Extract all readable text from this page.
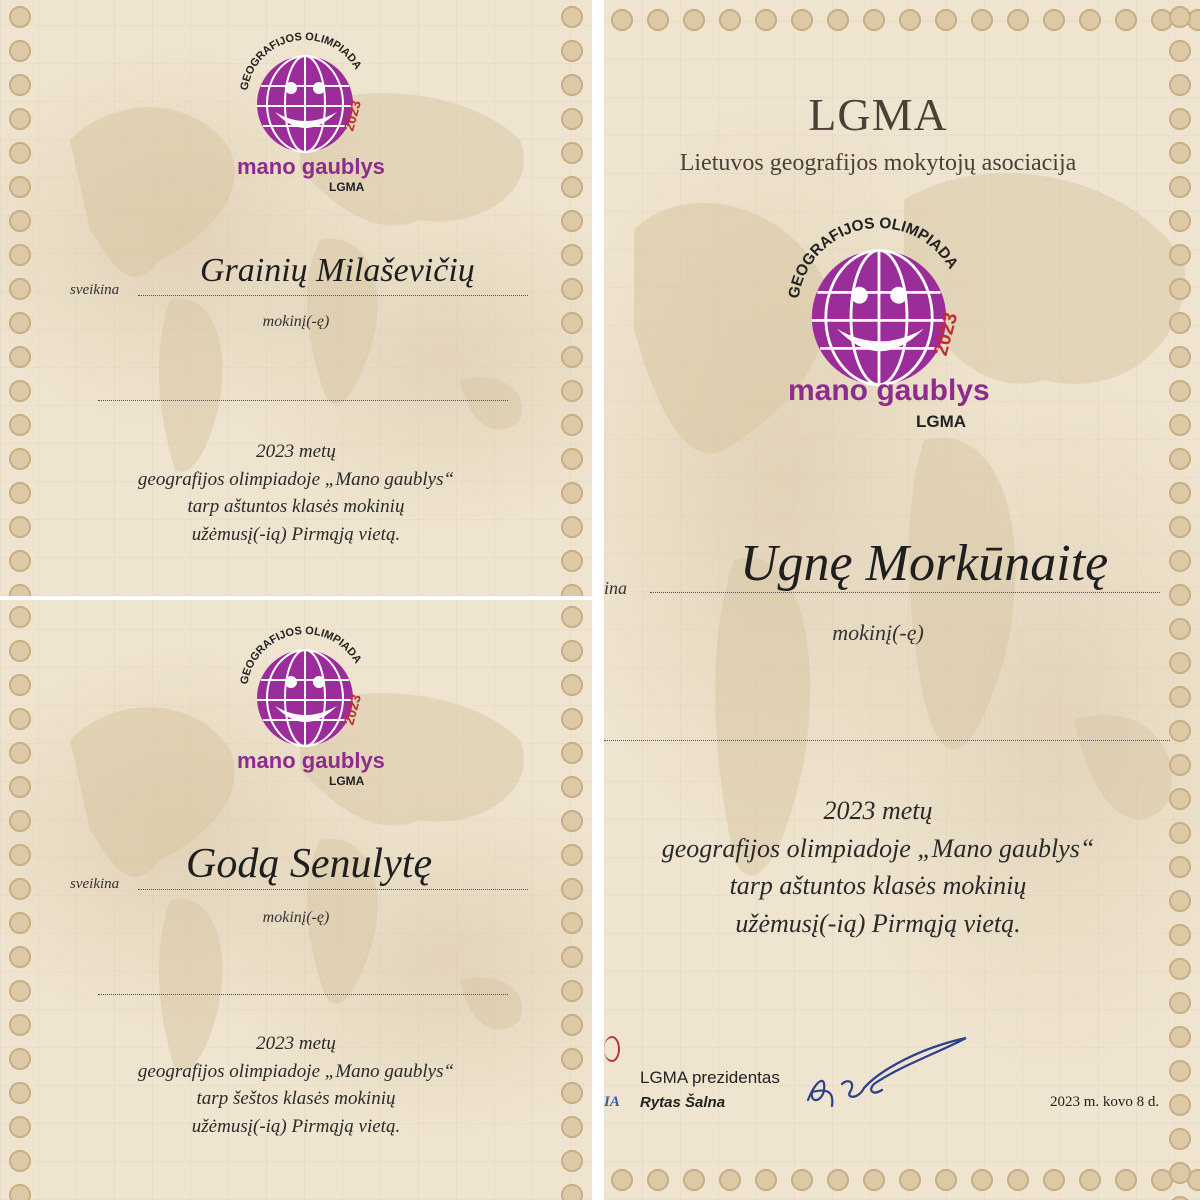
GEOGRAFIJOS OLIMPIADA
2023
mano gaublys
LGMA
sveikina
Grainių Milaševičių
mokinį(-ę)
2023 metų
geografijos olimpiadoje „Mano gaublys“
tarp aštuntos klasės mokinių
užėmusį(-ią) Pirmąją vietą.
GEOGRAFIJOS OLIMPIADA
2023
mano gaublys
LGMA
sveikina Godą Senulytę
mokinį(-ę)
2023 metų
geografijos olimpiadoje „Mano gaublys“
tarp šeštos klasės mokinių
užėmusį(-ią) Pirmąją vietą.
LGMA
Lietuvos geografijos mokytojų asociacija
GEOGRAFIJOS OLIMPIADA
2023
mano gaublys
LGMA
ina Ugnę Morkūnaitę
mokinį(-ę)
2023 metų
geografijos olimpiadoje „Mano gaublys“
tarp aštuntos klasės mokinių
užėmusį(-ią) Pirmąją vietą.
IA
LGMA prezidentas
Rytas Šalna
Ršn
2023 m. kovo 8 d.
